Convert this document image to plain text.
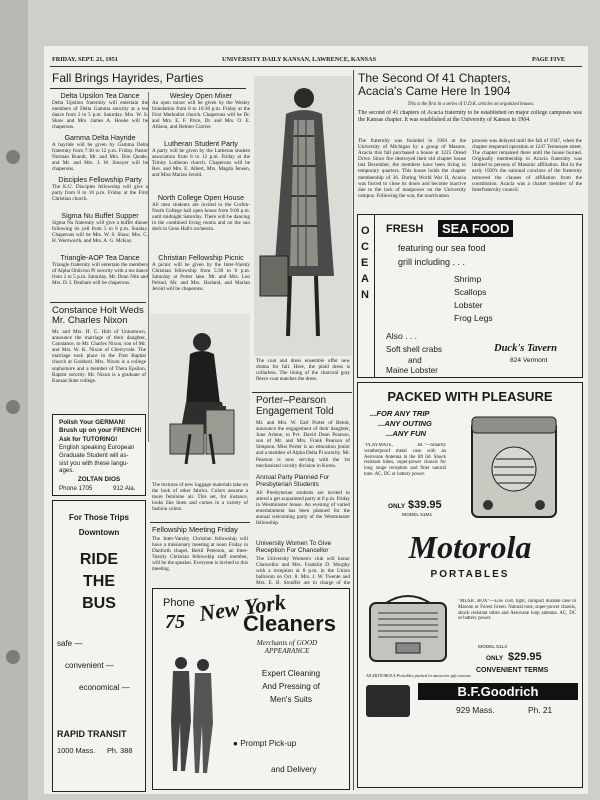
FRIDAY, SEPT. 21, 1951	UNIVERSITY DAILY KANSAN, LAWRENCE, KANSAS	PAGE FIVE
Fall Brings Hayrides, Parties
Delta Upsilon Tea Dance
Delta Upsilon fraternity will entertain the members of Delta Gamma sorority at a tea dance from 2 to 5 p.m. Saturday. Mrs. W. S. Shaw and Mrs. James A. Hooke will be chaperons.
Gamma Delta Hayride
A hayride will be given by Gamma Delta fraternity from 7:30 to 12 p.m. Friday. Pastor Norman Brandt, Mr. and Mrs. Don Quade, and Mr. and Mrs. J. W. Smoyer will be chaperons.
Disciples Fellowship Party
The K.U. Disciples fellowship will give a party from 8 to 10 p.m. Friday at the First Christian church.
Sigma Nu Buffet Supper
Sigma Nu fraternity will give a buffet dinner following its yell from 5 to 8 p.m. Sunday. Chaperons will be Mrs. W. S. Shaw, Mrs. C. H. Wentworth, and Mrs. A. G. McKay.
Triangle-AOP Tea Dance
Triangle fraternity will entertain the members of Alpha Omicron Pi sorority with a tea dance from 2 to 5 p.m. Saturday. Mr. Dean Nite and Mrs. D. I. Denham will be chaperons.
Constance Holt Weds Mr. Charles Nixon
Mr. and Mrs. H. C. Holt of Uniontown, announce the marriage of their daughter, Constance, to Mr. Charles Nixon, son of Mr. and Mrs. W. K. Nixon of Cherryvale. The marriage took place in the First Baptist church at Goddard. Mrs. Nixon is a college sophomore and a member of Theta Epsilon, Baptist sorority. Mr. Nixon is a graduate of Kansas State college.
Polish Your GERMAN!
Brush up on your FRENCH!
Ask for TUTORING!
English speaking European
Graduate Student will as-
sist you with these langu-
ages.
ZOLTAN DIOS
Phone 1705	912 Ala.
For Those Trips
Downtown
RIDE
THE
BUS
safe —
convenient —
economical —
RAPID TRANSIT
1000 Mass. Ph. 388
Wesley Open Mixer
An open mixer will be given by the Wesley foundation from 8 to 10:30 p.m. Friday at the First Methodist church. Chaperons will be Dr. and Mrs. E. F. Price, Dr. and Mrs. O. E. Allison, and Helmer Currier.
Lutheran Student Party
A party will be given by the Lutheran student association from 8 to 12 p.m. Friday at the Trinity Lutheran church. Chaperons will be Rev. and Mrs. E. Albert, Mrs. Magda Jensen, and Miss Marian Jerold.
North College Open House
All men students are invited to the Corbin-North College hall open house from 9:00 p.m. until midnight Saturday. There will be dancing in the combined living rooms and on the sun deck to Gene Hall's orchestra.
Christian Fellowship Picnic
A picnic will be given by the Inter-Varsity Christian fellowship from 5:30 to 8 p.m. Saturday at Potter lake. Mr. and Mrs. Leo Pelsud, Mr. and Mrs. Harland, and Marian Jerold will be chaperons.
The textures of new luggage materials take on the look of other fabrics. Colors assume a more feminine air. This set, for instance, looks like linen and comes in a variety of fashion colors.
Fellowship Meeting Friday
The Inter-Varsity Christian fellowship will have a missionary meeting at noon Friday in Danforth chapel. Bertil Peterson, an Inter-Varsity Christian fellowship staff member, will be the speaker. Everyone is invited to this meeting.
Phone
75 New York
Cleaners
Merchants of GOOD APPEARANCE
Expert Cleaning
And Pressing of
Men's Suits
● Prompt Pick-up
and Delivery
The coat and dress ensemble offer new drama for fall. Here, the plaid dress is collarless. The lining of the charcoal gray fleece coat matches the dress.
Porter–Pearson
Engagement Told
Mr. and Mrs. W. Earl Porter of Beloit, announce the engagement of their daughter, June Arlene, to Pvt. David Dean Pearson, son of Mr. and Mrs. Frank Pearson of Simpson. Miss Porter is an education junior and a member of Alpha Delta Pi sorority. Mr. Pearson is now serving with the 1st mechanized cavalry division in Korea.
Annual Party Planned For Presbyterian Students
All Presbyterian students are invited to attend a get acquainted party at 8 p.m. Friday in Westminster house. An evening of varied entertainment has been planned for the annual welcoming party of the Westminster fellowship.
University Women To Give Reception For Chancellor
The University Women's club will honor Chancellor and Mrs. Franklin D. Murphy with a reception at 8 p.m. in the Union ballroom on Oct. 8. Mrs. J. W. Twente and Mrs. E. B. Stouffer are in charge of the
The Second Of 41 Chapters,
Acacia's Came Here In 1904
This is the first in a series of U.D.K. articles on organized houses.
The second of 41 chapters of Acacia fraternity to be established on major college campuses was the Kansas chapter. It was established at the University of Kansas in 1904.
The fraternity was founded in 1904 at the University of Michigan by a group of Masons. Acacia this fall purchased a house at 1225 Oread Drive. Since fire destroyed their old chapter house last December, the members have been living in temporary quarters. This house holds the chapter membership of 36. During World War II, Acacia was forced to close its doors and become inactive due to the lack of manpower on the University campus. Following the war, the reactivation
process was delayed until the fall of 1947, when the chapter reopened operation at 1247 Tennessee street. The chapter remained there until the house burned. Originally membership to Acacia fraternity was limited to persons of Masonic affiliation. But in the early 1930's the national conclave of the fraternity removed the clauses of affiliation from the constitution. Acacia was a charter member of the Interfraternity council.
O
C
E
A
N
FRESH	SEA FOOD
featuring our sea food
grill including . . .
Shrimp
Scallops
Lobster
Frog Legs
Also . . .
Soft shell crabs
and
Maine Lobster
Duck's Tavern
824 Vermont
PACKED WITH PLEASURE
...FOR ANY TRIP
...ANY OUTING
...ANY FUN
"PLAYMATE, JR."—Smartly weatherproof metal case with an Aerovane Antenna in the lift lid. Shock resistant tubes, super-power chassis for long range reception and finer natural tone. AC, DC or battery power.
ONLY $39.95
MODEL 51M1
Motorola
PORTABLES
"MUSIC BOX"—Low cost, light, compact durable case in Maroon or Forest Green. Natural tone, super-power chassis, shock resistant tubes and Aerovane loop antenna. AC, DC or battery power.
MODEL 51L3
ONLY $29.95
CONVENIENT TERMS
All MOTOROLA Portables packed in attractive gift cartons
B.F.Goodrich
929 Mass.	Ph. 21
